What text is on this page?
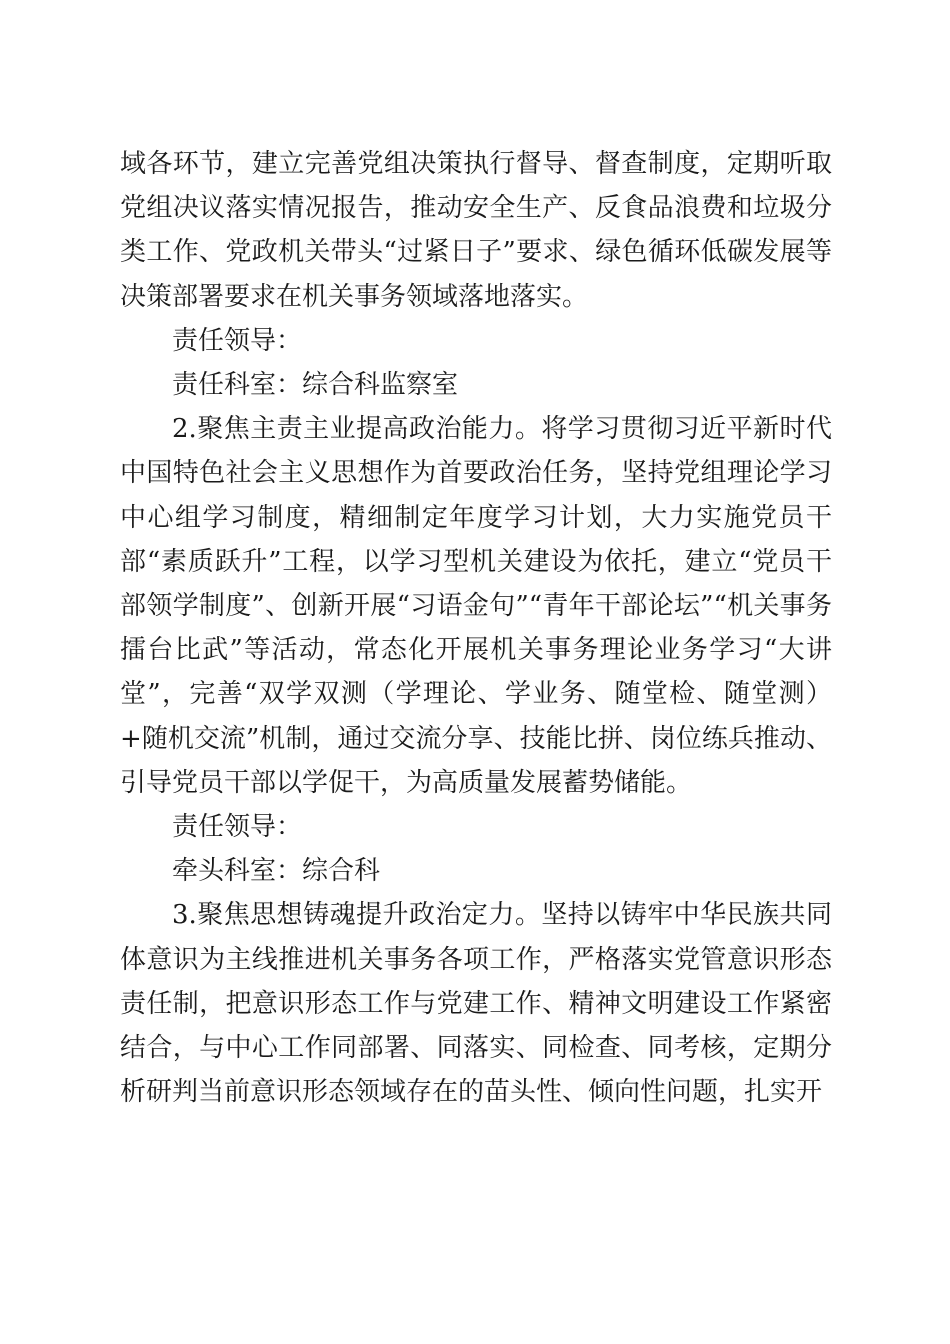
域各环节，建立完善党组决策执行督导、督查制度，定期听取党组决议落实情况报告，推动安全生产、反食品浪费和垃圾分类工作、党政机关带头“过紧日子”要求、绿色循环低碳发展等决策部署要求在机关事务领域落地落实。

责任领导：

责任科室：综合科监察室

2.聚焦主责主业提高政治能力。将学习贯彻习近平新时代中国特色社会主义思想作为首要政治任务，坚持党组理论学习中心组学习制度，精细制定年度学习计划，大力实施党员干部“素质跃升”工程，以学习型机关建设为依托，建立“党员干部领学制度”、创新开展“习语金句”“青年干部论坛”“机关事务擂台比武”等活动，常态化开展机关事务理论业务学习“大讲堂”，完善“双学双测（学理论、学业务、随堂检、随堂测）+随机交流”机制，通过交流分享、技能比拼、岗位练兵推动、引导党员干部以学促干，为高质量发展蓄势储能。

责任领导：

牵头科室：综合科

3.聚焦思想铸魂提升政治定力。坚持以铸牢中华民族共同体意识为主线推进机关事务各项工作，严格落实党管意识形态责任制，把意识形态工作与党建工作、精神文明建设工作紧密结合，与中心工作同部署、同落实、同检查、同考核，定期分析研判当前意识形态领域存在的苗头性、倾向性问题，扎实开
